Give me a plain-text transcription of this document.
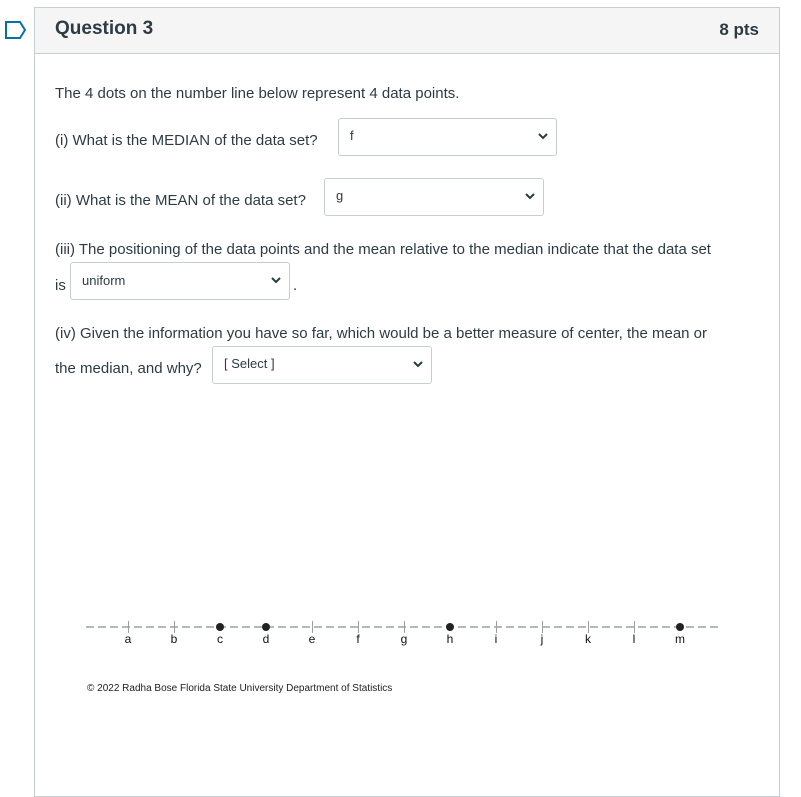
Question 3	8 pts
The 4 dots on the number line below represent 4 data points.
(i) What is the MEDIAN of the data set? f
(ii) What is the MEAN of the data set? g
(iii) The positioning of the data points and the mean relative to the median indicate that the data set
is uniform	.
(iv) Given the information you have so far, which would be a better measure of center, the mean or
the median, and why? [ Select ]
a	b	c	d	e	f	g	h	i	j	k	l	m
© 2022 Radha Bose Florida State University Department of Statistics
